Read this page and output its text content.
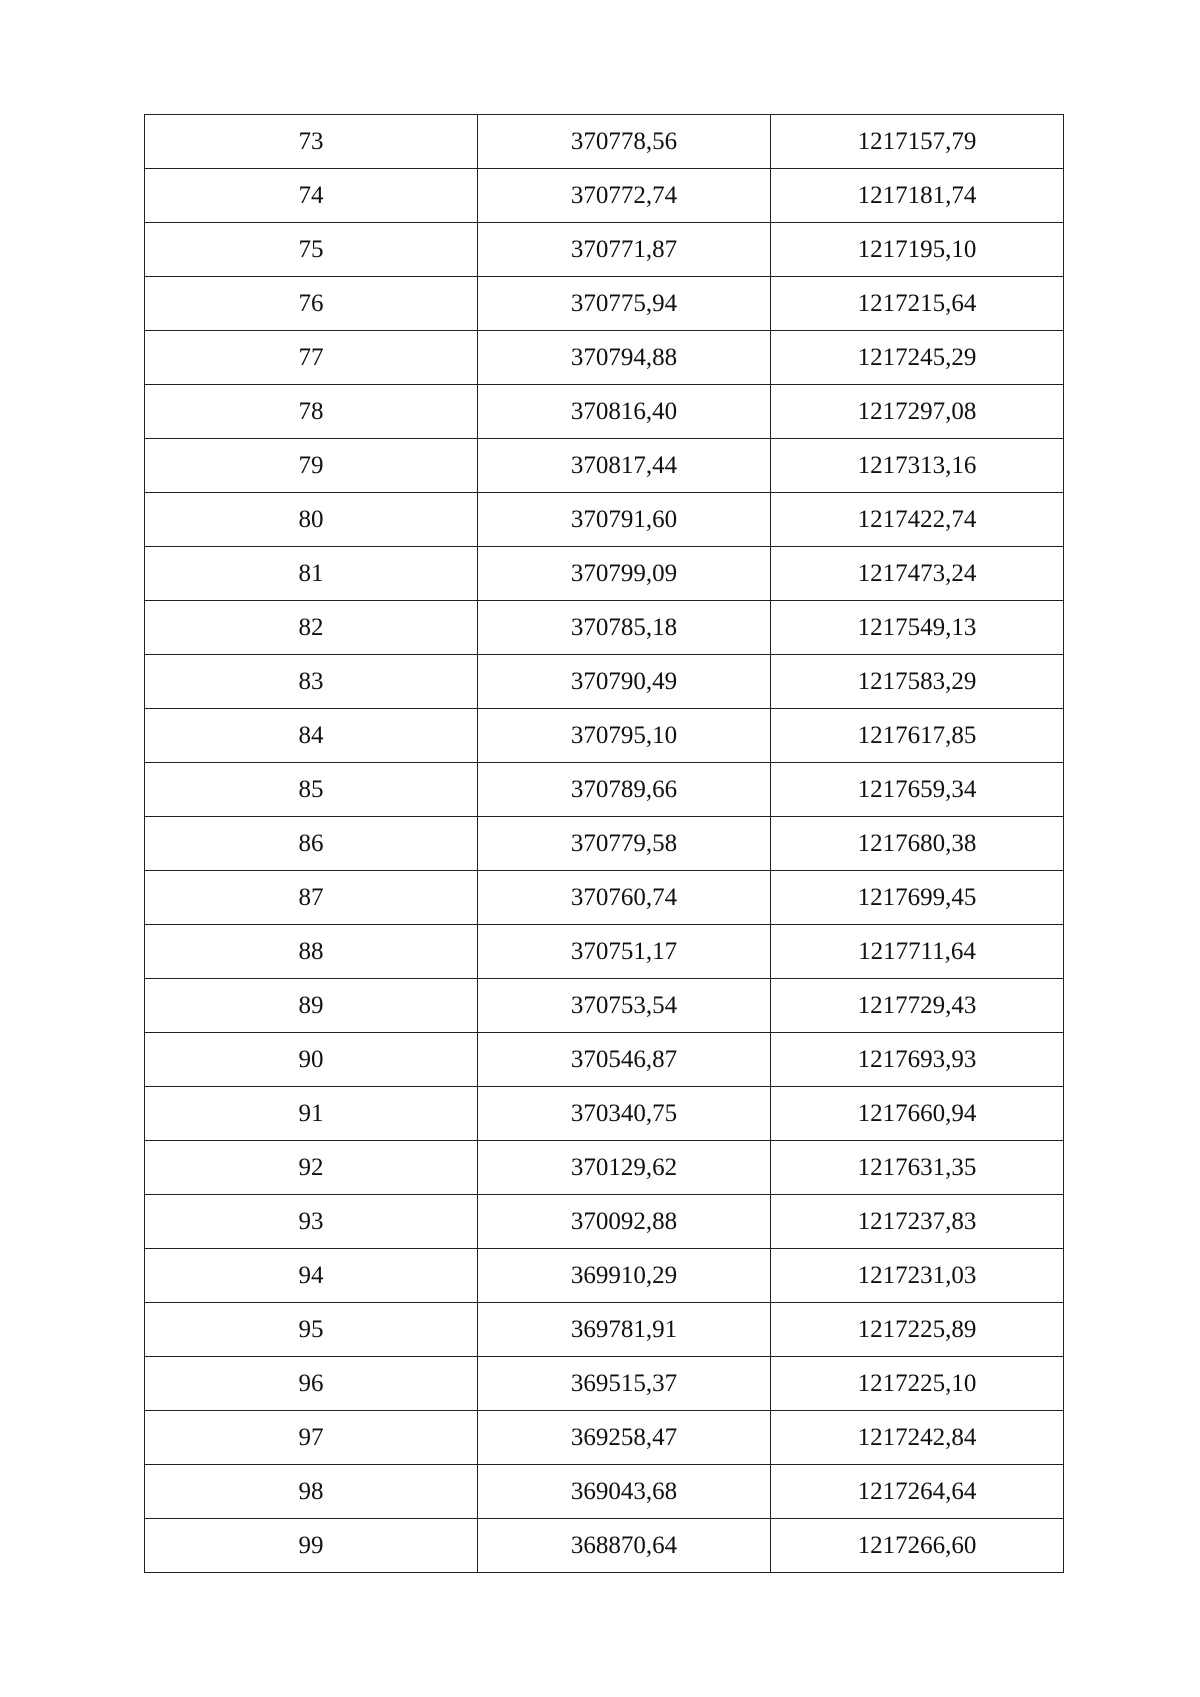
73	370778,56	1217157,79
74	370772,74	1217181,74
75	370771,87	1217195,10
76	370775,94	1217215,64
77	370794,88	1217245,29
78	370816,40	1217297,08
79	370817,44	1217313,16
80	370791,60	1217422,74
81	370799,09	1217473,24
82	370785,18	1217549,13
83	370790,49	1217583,29
84	370795,10	1217617,85
85	370789,66	1217659,34
86	370779,58	1217680,38
87	370760,74	1217699,45
88	370751,17	1217711,64
89	370753,54	1217729,43
90	370546,87	1217693,93
91	370340,75	1217660,94
92	370129,62	1217631,35
93	370092,88	1217237,83
94	369910,29	1217231,03
95	369781,91	1217225,89
96	369515,37	1217225,10
97	369258,47	1217242,84
98	369043,68	1217264,64
99	368870,64	1217266,60
